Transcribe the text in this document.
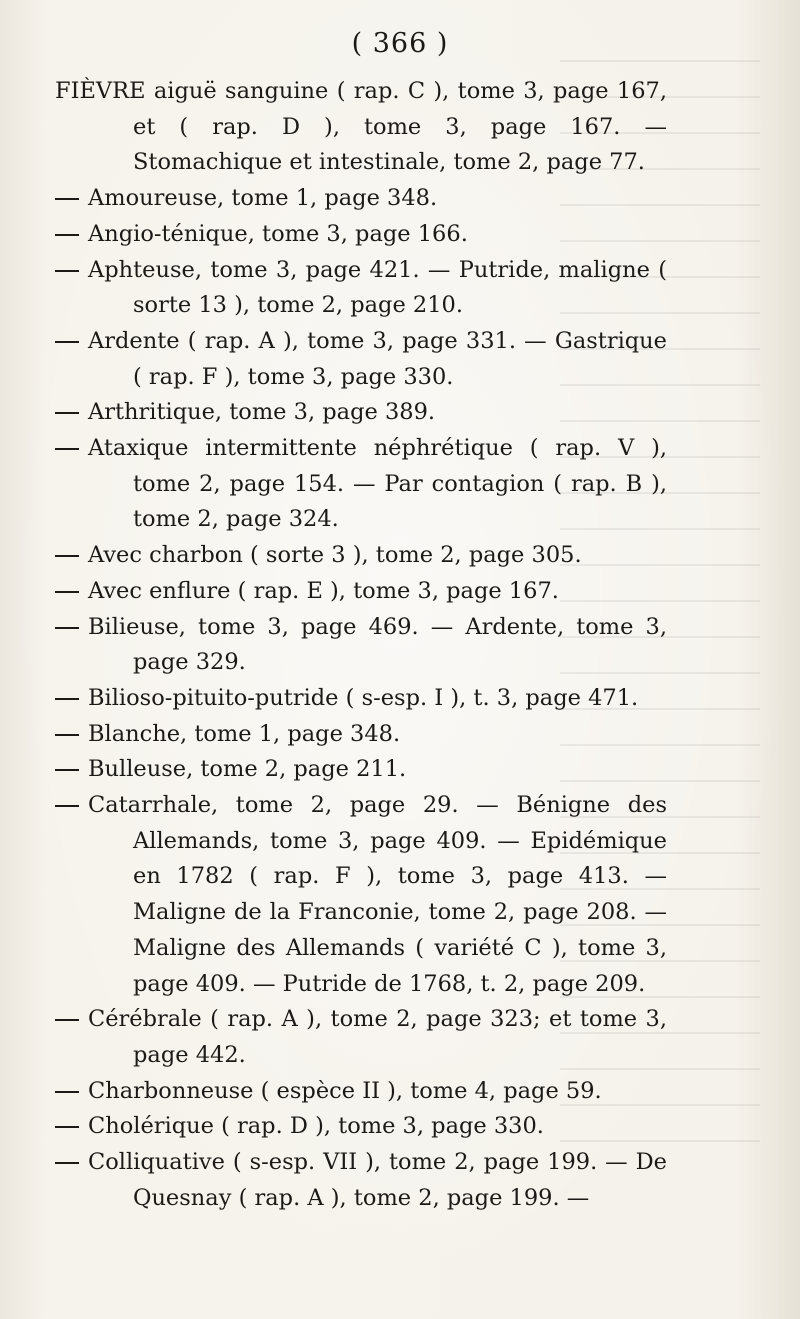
( 366 )
FIÈVRE aiguë sanguine ( rap. C ), tome 3, page 167, et ( rap. D ), tome 3, page 167. — Stomachique et intestinale, tome 2, page 77.
Amoureuse, tome 1, page 348.
Angio-ténique, tome 3, page 166.
Aphteuse, tome 3, page 421. — Putride, maligne ( sorte 13 ), tome 2, page 210.
Ardente ( rap. A ), tome 3, page 331. — Gastrique ( rap. F ), tome 3, page 330.
Arthritique, tome 3, page 389.
Ataxique intermittente néphrétique ( rap. V ), tome 2, page 154. — Par contagion ( rap. B ), tome 2, page 324.
Avec charbon ( sorte 3 ), tome 2, page 305.
Avec enflure ( rap. E ), tome 3, page 167.
Bilieuse, tome 3, page 469. — Ardente, tome 3, page 329.
Bilioso-pituito-putride ( s-esp. I ), t. 3, page 471.
Blanche, tome 1, page 348.
Bulleuse, tome 2, page 211.
Catarrhale, tome 2, page 29. — Bénigne des Allemands, tome 3, page 409. — Epidémique en 1782 ( rap. F ), tome 3, page 413. — Maligne de la Franconie, tome 2, page 208. — Maligne des Allemands ( variété C ), tome 3, page 409. — Putride de 1768, t. 2, page 209.
Cérébrale ( rap. A ), tome 2, page 323; et tome 3, page 442.
Charbonneuse ( espèce II ), tome 4, page 59.
Cholérique ( rap. D ), tome 3, page 330.
Colliquative ( s-esp. VII ), tome 2, page 199. — De Quesnay ( rap. A ), tome 2, page 199. —
